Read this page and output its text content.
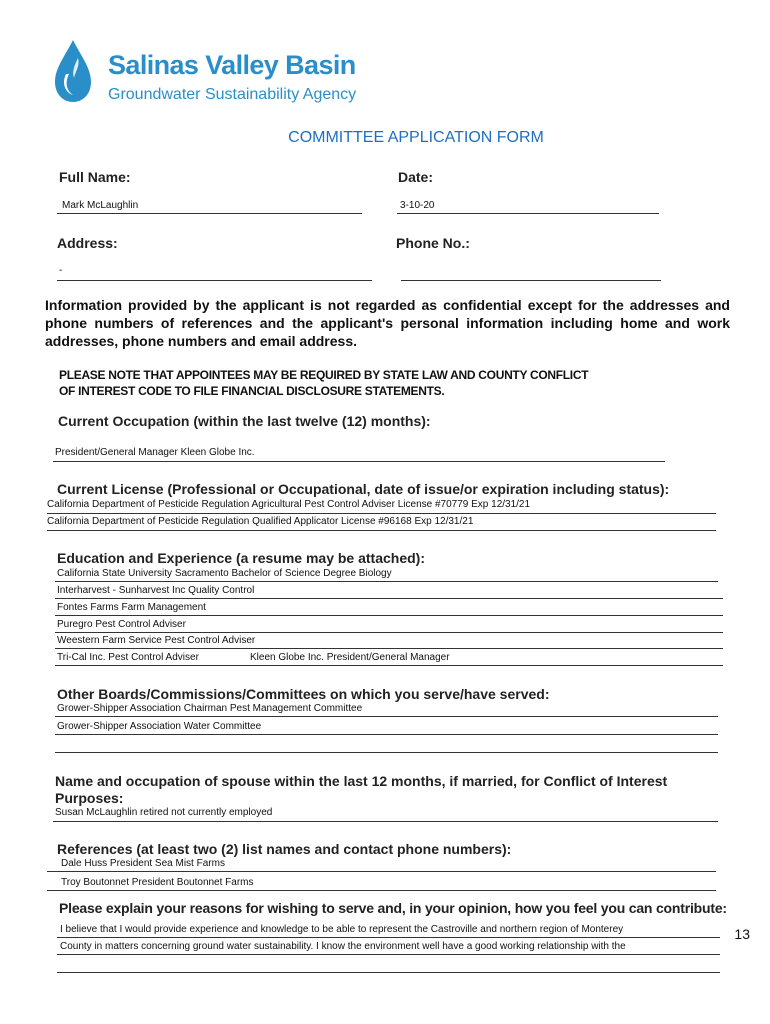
Salinas Valley Basin
Groundwater Sustainability Agency
COMMITTEE APPLICATION FORM
Full Name:
Mark McLaughlin
Date:
3-10-20
Address:
-
Phone No.:
Information provided by the applicant is not regarded as confidential except for the addresses and phone numbers of references and the applicant's personal information including home and work addresses, phone numbers and email address.
PLEASE NOTE THAT APPOINTEES MAY BE REQUIRED BY STATE LAW AND COUNTY CONFLICT
OF INTEREST CODE TO FILE FINANCIAL DISCLOSURE STATEMENTS.
Current Occupation (within the last twelve (12) months):
President/General Manager Kleen Globe Inc.
Current License (Professional or Occupational, date of issue/or expiration including status):
California Department of Pesticide Regulation Agricultural Pest Control Adviser License #70779 Exp 12/31/21
California Department of Pesticide Regulation Qualified Applicator License #96168 Exp 12/31/21
Education and Experience (a resume may be attached):
California State University Sacramento Bachelor of Science Degree Biology
Interharvest - Sunharvest Inc Quality Control
Fontes Farms Farm Management
Puregro Pest Control Adviser
Weestern Farm Service Pest Control Adviser
Tri-Cal Inc. Pest Control Adviser	Kleen Globe Inc. President/General Manager
Other Boards/Commissions/Committees on which you serve/have served:
Grower-Shipper Association Chairman Pest Management Committee
Grower-Shipper Association Water Committee
Name and occupation of spouse within the last 12 months, if married, for Conflict of Interest
Purposes:
Susan McLaughlin retired not currently employed
References (at least two (2) list names and contact phone numbers):
Dale Huss President Sea Mist Farms
Troy Boutonnet President Boutonnet Farms
Please explain your reasons for wishing to serve and, in your opinion, how you feel you can contribute:
I believe that I would provide experience and knowledge to be able to represent the Castroville and northern region of Monterey
County in matters concerning ground water sustainability. I know the environment well have a good working relationship with the
13
